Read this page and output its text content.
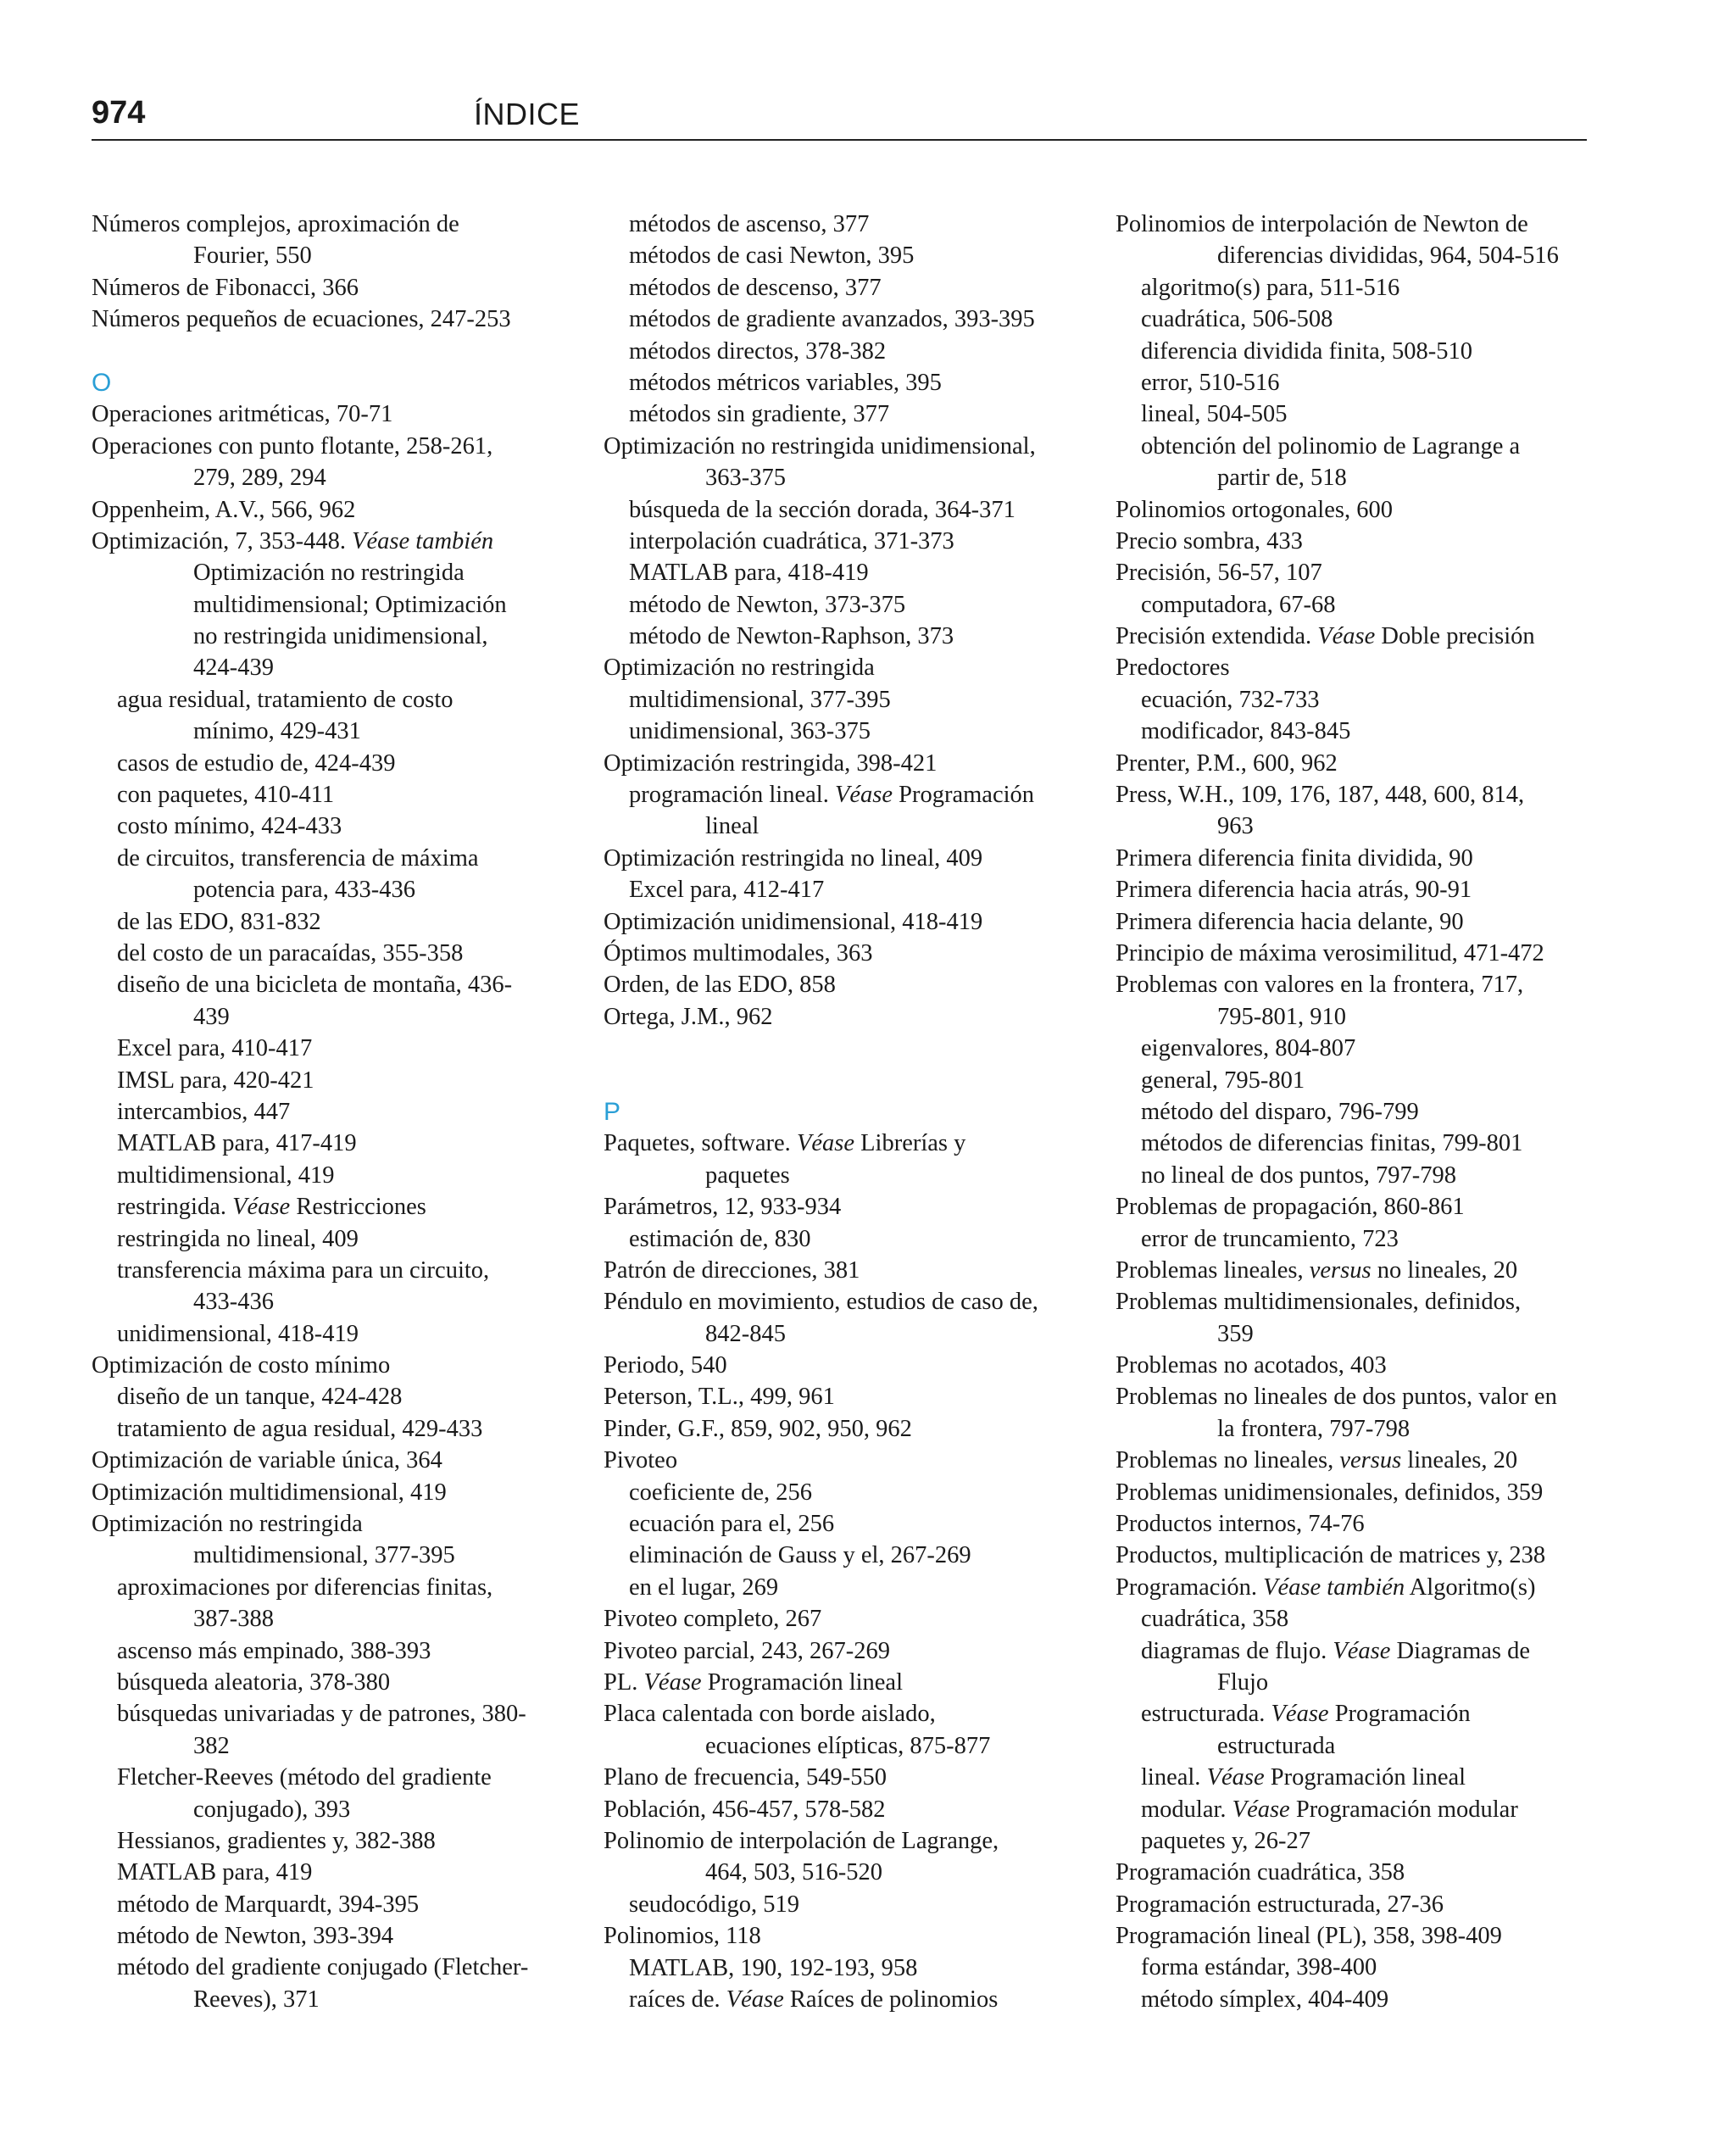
974	ÍNDICE
Números complejos, aproximación de
Fourier, 550
Números de Fibonacci, 366
Números pequeños de ecuaciones, 247-253
O
Operaciones aritméticas, 70-71
Operaciones con punto flotante, 258-261,
279, 289, 294
Oppenheim, A.V., 566, 962
Optimización, 7, 353-448. Véase también
Optimización no restringida
multidimensional; Optimización
no restringida unidimensional,
424-439
agua residual, tratamiento de costo
mínimo, 429-431
casos de estudio de, 424-439
con paquetes, 410-411
costo mínimo, 424-433
de circuitos, transferencia de máxima
potencia para, 433-436
de las EDO, 831-832
del costo de un paracaídas, 355-358
diseño de una bicicleta de montaña, 436-
439
Excel para, 410-417
IMSL para, 420-421
intercambios, 447
MATLAB para, 417-419
multidimensional, 419
restringida. Véase Restricciones
restringida no lineal, 409
transferencia máxima para un circuito,
433-436
unidimensional, 418-419
Optimización de costo mínimo
diseño de un tanque, 424-428
tratamiento de agua residual, 429-433
Optimización de variable única, 364
Optimización multidimensional, 419
Optimización no restringida
multidimensional, 377-395
aproximaciones por diferencias finitas,
387-388
ascenso más empinado, 388-393
búsqueda aleatoria, 378-380
búsquedas univariadas y de patrones, 380-
382
Fletcher-Reeves (método del gradiente
conjugado), 393
Hessianos, gradientes y, 382-388
MATLAB para, 419
método de Marquardt, 394-395
método de Newton, 393-394
método del gradiente conjugado (Fletcher-
Reeves), 371
métodos de ascenso, 377
métodos de casi Newton, 395
métodos de descenso, 377
métodos de gradiente avanzados, 393-395
métodos directos, 378-382
métodos métricos variables, 395
métodos sin gradiente, 377
Optimización no restringida unidimensional,
363-375
búsqueda de la sección dorada, 364-371
interpolación cuadrática, 371-373
MATLAB para, 418-419
método de Newton, 373-375
método de Newton-Raphson, 373
Optimización no restringida
multidimensional, 377-395
unidimensional, 363-375
Optimización restringida, 398-421
programación lineal. Véase Programación
lineal
Optimización restringida no lineal, 409
Excel para, 412-417
Optimización unidimensional, 418-419
Óptimos multimodales, 363
Orden, de las EDO, 858
Ortega, J.M., 962
P
Paquetes, software. Véase Librerías y
paquetes
Parámetros, 12, 933-934
estimación de, 830
Patrón de direcciones, 381
Péndulo en movimiento, estudios de caso de,
842-845
Periodo, 540
Peterson, T.L., 499, 961
Pinder, G.F., 859, 902, 950, 962
Pivoteo
coeficiente de, 256
ecuación para el, 256
eliminación de Gauss y el, 267-269
en el lugar, 269
Pivoteo completo, 267
Pivoteo parcial, 243, 267-269
PL. Véase Programación lineal
Placa calentada con borde aislado,
ecuaciones elípticas, 875-877
Plano de frecuencia, 549-550
Población, 456-457, 578-582
Polinomio de interpolación de Lagrange,
464, 503, 516-520
seudocódigo, 519
Polinomios, 118
MATLAB, 190, 192-193, 958
raíces de. Véase Raíces de polinomios
Polinomios de interpolación de Newton de
diferencias divididas, 964, 504-516
algoritmo(s) para, 511-516
cuadrática, 506-508
diferencia dividida finita, 508-510
error, 510-516
lineal, 504-505
obtención del polinomio de Lagrange a
partir de, 518
Polinomios ortogonales, 600
Precio sombra, 433
Precisión, 56-57, 107
computadora, 67-68
Precisión extendida. Véase Doble precisión
Predoctores
ecuación, 732-733
modificador, 843-845
Prenter, P.M., 600, 962
Press, W.H., 109, 176, 187, 448, 600, 814,
963
Primera diferencia finita dividida, 90
Primera diferencia hacia atrás, 90-91
Primera diferencia hacia delante, 90
Principio de máxima verosimilitud, 471-472
Problemas con valores en la frontera, 717,
795-801, 910
eigenvalores, 804-807
general, 795-801
método del disparo, 796-799
métodos de diferencias finitas, 799-801
no lineal de dos puntos, 797-798
Problemas de propagación, 860-861
error de truncamiento, 723
Problemas lineales, versus no lineales, 20
Problemas multidimensionales, definidos,
359
Problemas no acotados, 403
Problemas no lineales de dos puntos, valor en
la frontera, 797-798
Problemas no lineales, versus lineales, 20
Problemas unidimensionales, definidos, 359
Productos internos, 74-76
Productos, multiplicación de matrices y, 238
Programación. Véase también Algoritmo(s)
cuadrática, 358
diagramas de flujo. Véase Diagramas de
Flujo
estructurada. Véase Programación
estructurada
lineal. Véase Programación lineal
modular. Véase Programación modular
paquetes y, 26-27
Programación cuadrática, 358
Programación estructurada, 27-36
Programación lineal (PL), 358, 398-409
forma estándar, 398-400
método símplex, 404-409
